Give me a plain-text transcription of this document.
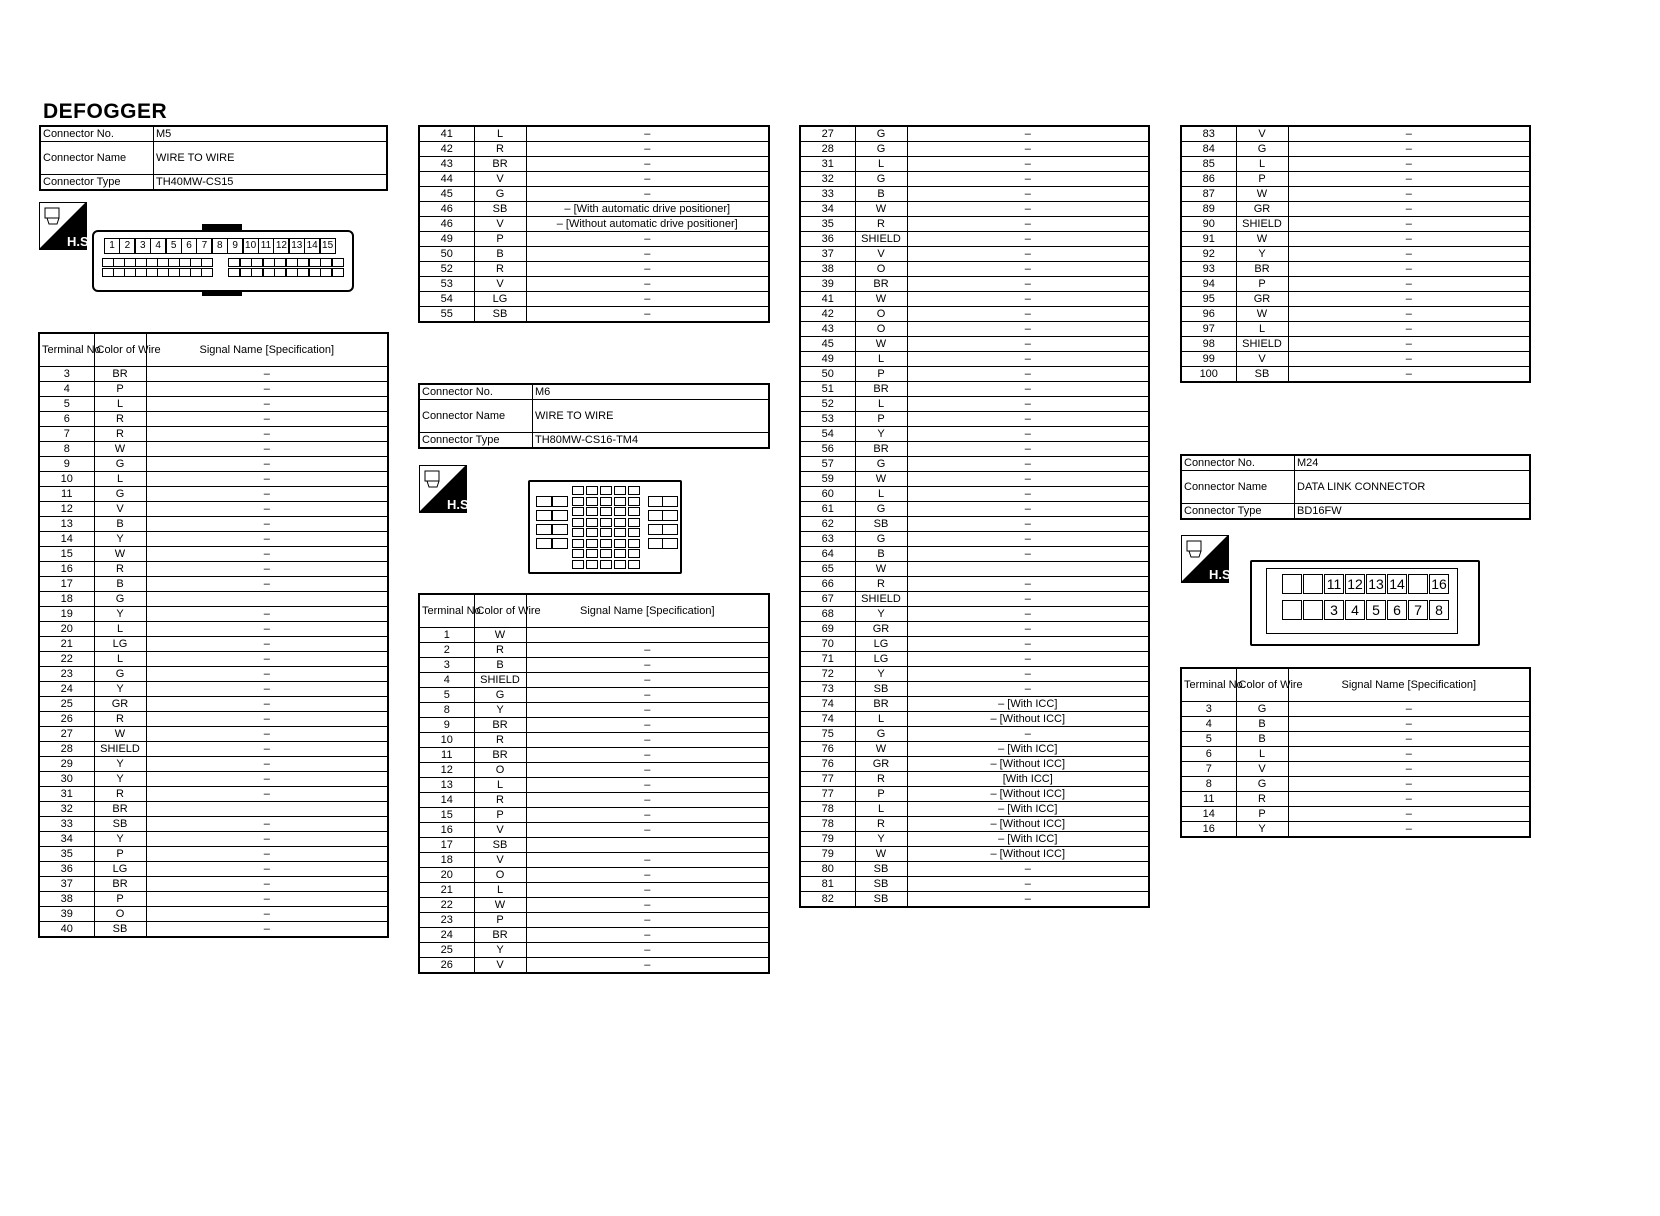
DEFOGGER
Connector No.	M5
Connector Name	WIRE TO WIRE
Connector Type	TH40MW-CS15
H.S.	1 2 3 4 5 6 7 8 9 10 11 12 13 14 15
Terminal No.	Color of Wire	Signal Name [Specification]
3	BR	–
4	P	–
5	L	–
6	R	–
7	R	–
8	W	–
9	G	–
10	L	–
11	G	–
12	V	–
13	B	–
14	Y	–
15	W	–
16	R	–
17	B	–
18	G	
19	Y	–
20	L	–
21	LG	–
22	L	–
23	G	–
24	Y	–
25	GR	–
26	R	–
27	W	–
28	SHIELD	–
29	Y	–
30	Y	–
31	R	–
32	BR	
33	SB	–
34	Y	–
35	P	–
36	LG	–
37	BR	–
38	P	–
39	O	–
40	SB	–
41	L	–
42	R	–
43	BR	–
44	V	–
45	G	–
46	SB	– [With automatic drive positioner]
46	V	– [Without automatic drive positioner]
49	P	–
50	B	–
52	R	–
53	V	–
54	LG	–
55	SB	–
Connector No.	M6
Connector Name	WIRE TO WIRE
Connector Type	TH80MW-CS16-TM4
H.S.
Terminal No.	Color of Wire	Signal Name [Specification]
1	W	
2	R	–
3	B	–
4	SHIELD	–
5	G	–
8	Y	–
9	BR	–
10	R	–
11	BR	–
12	O	–
13	L	–
14	R	–
15	P	–
16	V	–
17	SB	
18	V	–
20	O	–
21	L	–
22	W	–
23	P	–
24	BR	–
25	Y	–
26	V	–
27	G	–
28	G	–
31	L	–
32	G	–
33	B	–
34	W	–
35	R	–
36	SHIELD	–
37	V	–
38	O	–
39	BR	–
41	W	–
42	O	–
43	O	–
45	W	–
49	L	–
50	P	–
51	BR	–
52	L	–
53	P	–
54	Y	–
56	BR	–
57	G	–
59	W	–
60	L	–
61	G	–
62	SB	–
63	G	–
64	B	–
65	W	
66	R	–
67	SHIELD	–
68	Y	–
69	GR	–
70	LG	–
71	LG	–
72	Y	–
73	SB	–
74	BR	– [With ICC]
74	L	– [Without ICC]
75	G	–
76	W	– [With ICC]
76	GR	– [Without ICC]
77	R	[With ICC]
77	P	– [Without ICC]
78	L	– [With ICC]
78	R	– [Without ICC]
79	Y	– [With ICC]
79	W	– [Without ICC]
80	SB	–
81	SB	–
82	SB	–
83	V	–
84	G	–
85	L	–
86	P	–
87	W	–
89	GR	–
90	SHIELD	–
91	W	–
92	Y	–
93	BR	–
94	P	–
95	GR	–
96	W	–
97	L	–
98	SHIELD	–
99	V	–
100	SB	–
Connector No.	M24
Connector Name	DATA LINK CONNECTOR
Connector Type	BD16FW
H.S.
11 12 13 14 16
3 4 5 6 7 8
Terminal No.	Color of Wire	Signal Name [Specification]
3	G	–
4	B	–
5	B	–
6	L	–
7	V	–
8	G	–
11	R	–
14	P	–
16	Y	–
